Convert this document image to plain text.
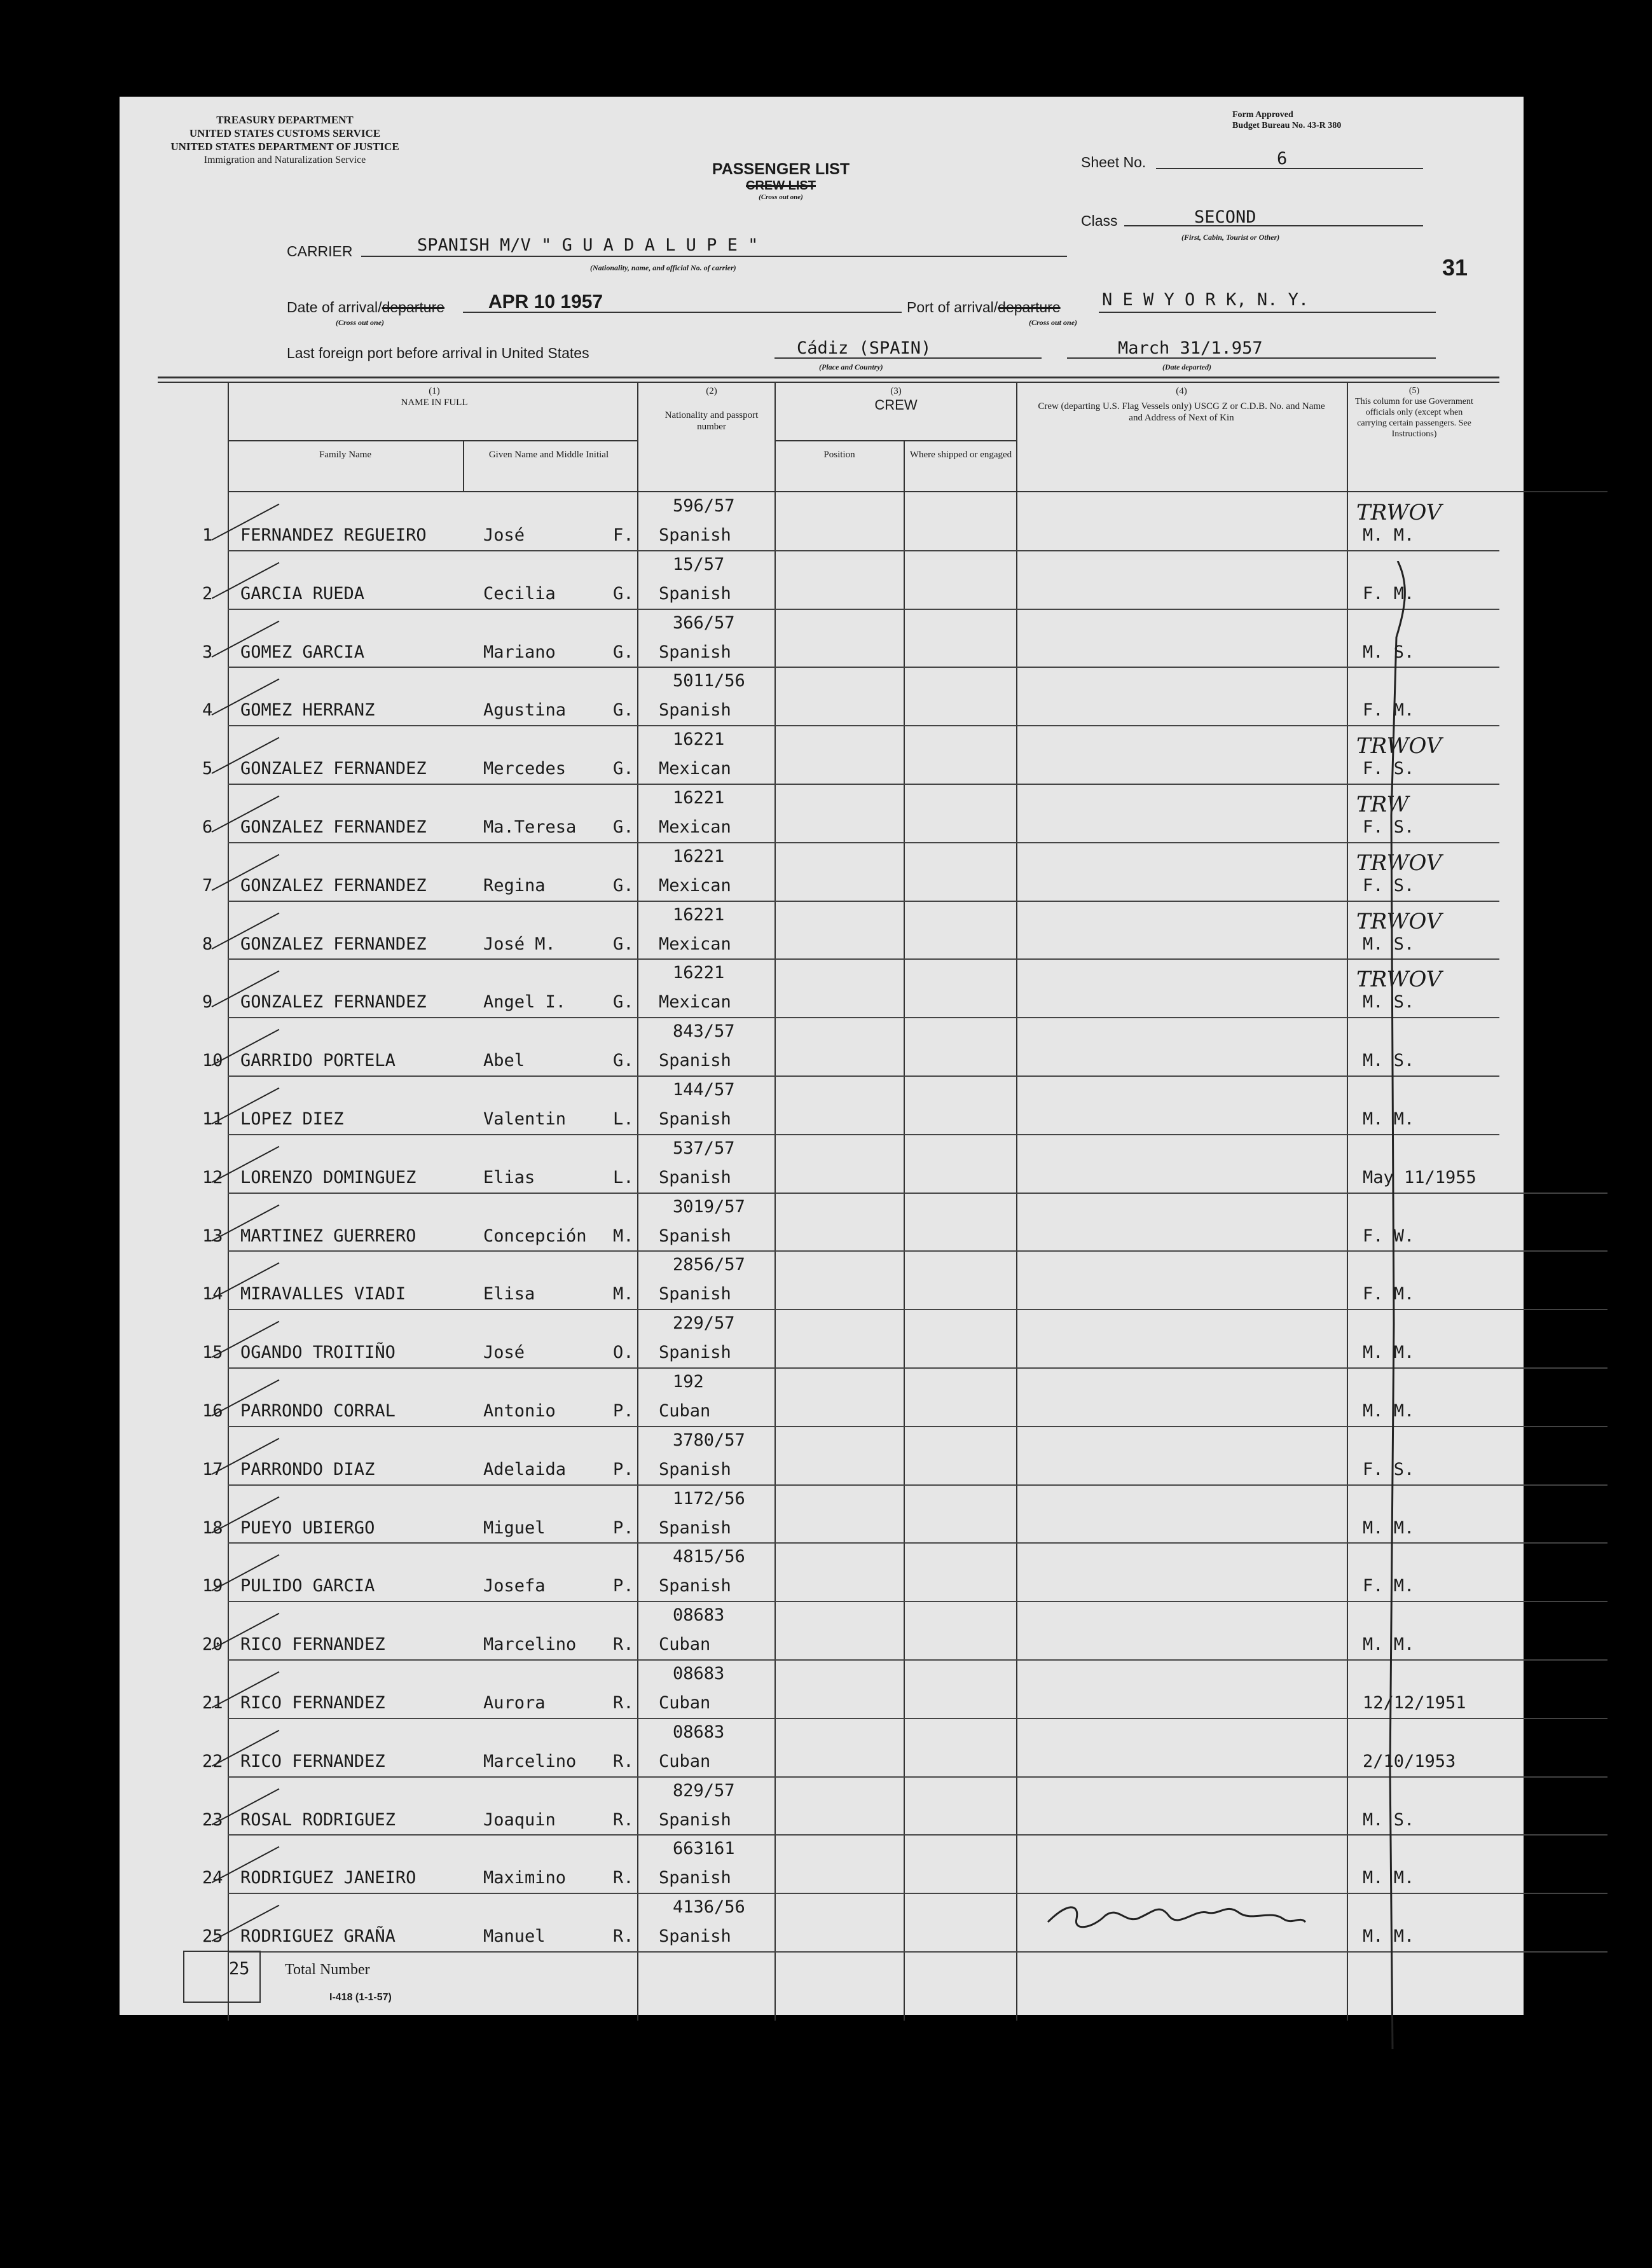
TREASURY DEPARTMENT
UNITED STATES CUSTOMS SERVICE
UNITED STATES DEPARTMENT OF JUSTICE
Immigration and Naturalization Service
PASSENGER LIST
CREW LIST
(Cross out one)
Form Approved
Budget Bureau No. 43-R 380
Sheet No.	6
Class	SECOND
(First, Cabin, Tourist or Other)
31
CARRIER	SPANISH M/V " G U A D A L U P E "
(Nationality, name, and official No. of carrier)
Date of arrival/departure APR 10 1957
(Cross out one)
Port of arrival/departure N E W Y O R K, N. Y.
(Cross out one)
Last foreign port before arrival in United States	Cádiz (SPAIN)
(Place and Country)
March 31/1.957
(Date departed)
(1)
NAME IN FULL
Family Name	Given Name and Middle Initial
(2)
Nationality and passport number
(3)
CREW
Position	Where shipped or engaged
(4)
Crew (departing U.S. Flag Vessels only) USCG Z or C.D.B. No. and Name and Address of Next of Kin
(5)
This column for use Government officials only (except when carrying certain passengers. See Instructions)
1 FERNANDEZ REGUEIRO	José	F.
596/57
Spanish	M. M.
TRWOV
2 GARCIA RUEDA	Cecilia	G.
15/57
Spanish	F. M.
3 GOMEZ GARCIA	Mariano	G.
366/57
Spanish	M. S.
4 GOMEZ HERRANZ	Agustina	G.
5011/56
Spanish	F. M.
5 GONZALEZ FERNANDEZ	Mercedes	G.
16221
Mexican	F. S.
TRWOV
6 GONZALEZ FERNANDEZ	Ma.Teresa G.
16221
Mexican	F. S.
TRW
7 GONZALEZ FERNANDEZ	Regina	G.
16221
Mexican	F. S.
TRWOV
8 GONZALEZ FERNANDEZ	José M.	G.
16221
Mexican	M. S.
TRWOV
9 GONZALEZ FERNANDEZ	Angel I.	G.
16221
Mexican	M. S.
TRWOV
10 GARRIDO PORTELA	Abel	G.
843/57
Spanish	M. S.
11 LOPEZ DIEZ	Valentin	L.
144/57
Spanish	M. M.
12 LORENZO DOMINGUEZ	Elias	L.
537/57
Spanish	May 11/1955
13 MARTINEZ GUERRERO	Concepción M.
3019/57
Spanish	F. W.
14 MIRAVALLES VIADI	Elisa	M.
2856/57
Spanish	F. M.
15 OGANDO TROITIÑO	José	O.
229/57
Spanish	M. M.
16 PARRONDO CORRAL	Antonio	P.
192
Cuban	M. M.
17 PARRONDO DIAZ	Adelaida	P.
3780/57
Spanish	F. S.
18 PUEYO UBIERGO	Miguel	P.
1172/56
Spanish	M. M.
19 PULIDO GARCIA	Josefa	P.
4815/56
Spanish	F. M.
20 RICO FERNANDEZ	Marcelino R.
08683
Cuban	M. M.
21 RICO FERNANDEZ	Aurora	R.
08683
Cuban	12/12/1951
22 RICO FERNANDEZ	Marcelino R.
08683
Cuban	2/10/1953
23 ROSAL RODRIGUEZ	Joaquin	R.
829/57
Spanish	M. S.
24 RODRIGUEZ JANEIRO	Maximino	R.
663161
Spanish	M. M.
25 RODRIGUEZ GRAÑA	Manuel	R.
4136/56
Spanish	M. M.
25 Total Number
I-418 (1-1-57)
